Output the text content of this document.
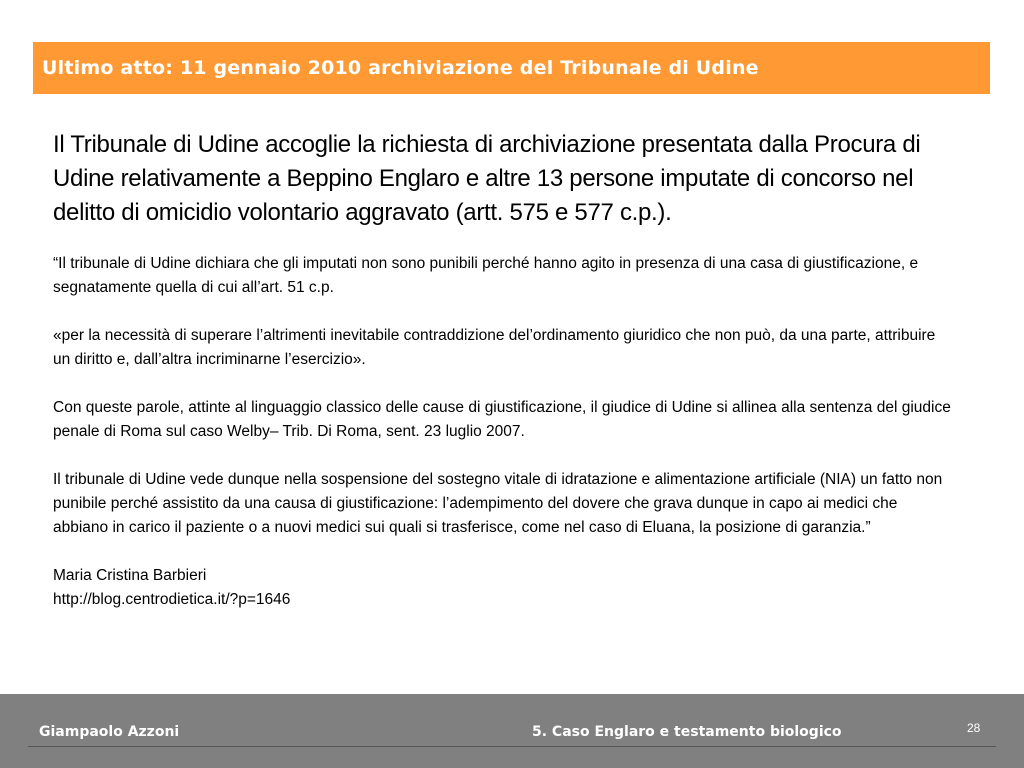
Ultimo atto: 11 gennaio 2010 archiviazione del Tribunale di Udine

Il Tribunale di Udine accoglie la richiesta di archiviazione presentata dalla Procura di Udine relativamente a Beppino Englaro e altre 13 persone imputate di concorso nel delitto di omicidio volontario aggravato (artt. 575 e 577 c.p.).

“Il tribunale di Udine dichiara che gli imputati non sono punibili perché hanno agito in presenza di una casa di giustificazione, e segnatamente quella di cui all’art. 51 c.p.

«per la necessità di superare l’altrimenti inevitabile contraddizione del’ordinamento giuridico che non può, da una parte, attribuire un diritto e, dall’altra incriminarne l’esercizio».

Con queste parole, attinte al linguaggio classico delle cause di giustificazione, il giudice di Udine si allinea alla sentenza del giudice penale di Roma sul caso Welby– Trib. Di Roma, sent. 23 luglio 2007.

Il tribunale di Udine vede dunque nella sospensione del sostegno vitale di idratazione e alimentazione artificiale (NIA) un fatto non punibile perché assistito da una causa di giustificazione: l’adempimento del dovere che grava dunque in capo ai medici che abbiano in carico il paziente o a nuovi medici sui quali si trasferisce, come nel caso di Eluana, la posizione di garanzia.”

Maria Cristina Barbieri

http://blog.centrodietica.it/?p=1646

Giampaolo Azzoni	5. Caso Englaro e testamento biologico	28
